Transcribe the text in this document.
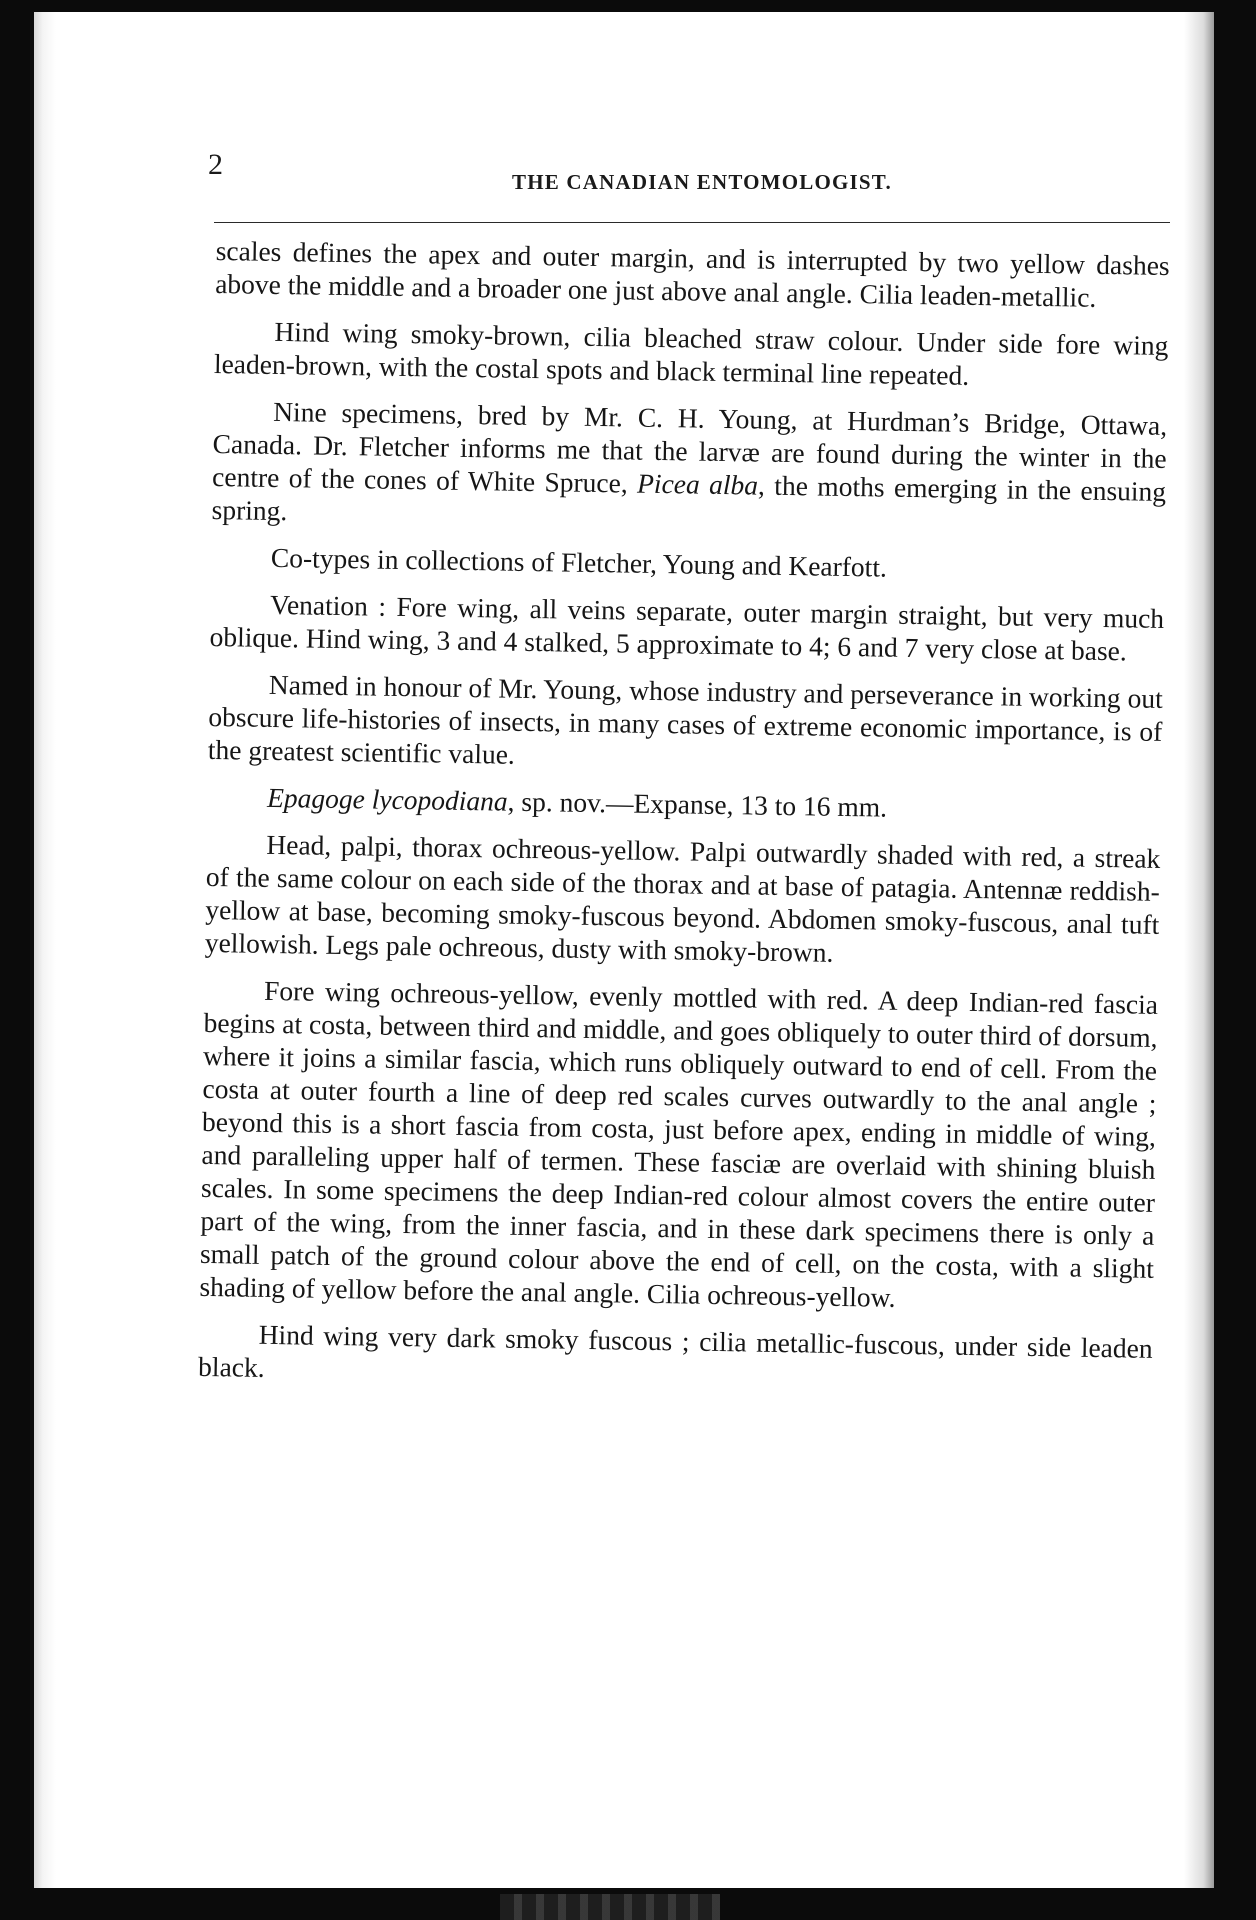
2
THE CANADIAN ENTOMOLOGIST.

scales defines the apex and outer margin, and is interrupted by two yellow dashes above the middle and a broader one just above anal angle. Cilia leaden-metallic.

Hind wing smoky-brown, cilia bleached straw colour. Under side fore wing leaden-brown, with the costal spots and black terminal line repeated.

Nine specimens, bred by Mr. C. H. Young, at Hurdman’s Bridge, Ottawa, Canada. Dr. Fletcher informs me that the larvæ are found during the winter in the centre of the cones of White Spruce, Picea alba, the moths emerging in the ensuing spring.

Co-types in collections of Fletcher, Young and Kearfott.

Venation : Fore wing, all veins separate, outer margin straight, but very much oblique. Hind wing, 3 and 4 stalked, 5 approximate to 4; 6 and 7 very close at base.

Named in honour of Mr. Young, whose industry and perseverance in working out obscure life-histories of insects, in many cases of extreme economic importance, is of the greatest scientific value.

Epagoge lycopodiana, sp. nov.—Expanse, 13 to 16 mm.

Head, palpi, thorax ochreous-yellow. Palpi outwardly shaded with red, a streak of the same colour on each side of the thorax and at base of patagia. Antennæ reddish-yellow at base, becoming smoky-fuscous beyond. Abdomen smoky-fuscous, anal tuft yellowish. Legs pale ochreous, dusty with smoky-brown.

Fore wing ochreous-yellow, evenly mottled with red. A deep Indian-red fascia begins at costa, between third and middle, and goes obliquely to outer third of dorsum, where it joins a similar fascia, which runs obliquely outward to end of cell. From the costa at outer fourth a line of deep red scales curves outwardly to the anal angle ; beyond this is a short fascia from costa, just before apex, ending in middle of wing, and paralleling upper half of termen. These fasciæ are overlaid with shining bluish scales. In some specimens the deep Indian-red colour almost covers the entire outer part of the wing, from the inner fascia, and in these dark specimens there is only a small patch of the ground colour above the end of cell, on the costa, with a slight shading of yellow before the anal angle. Cilia ochreous-yellow.

Hind wing very dark smoky fuscous ; cilia metallic-fuscous, under side leaden black.
